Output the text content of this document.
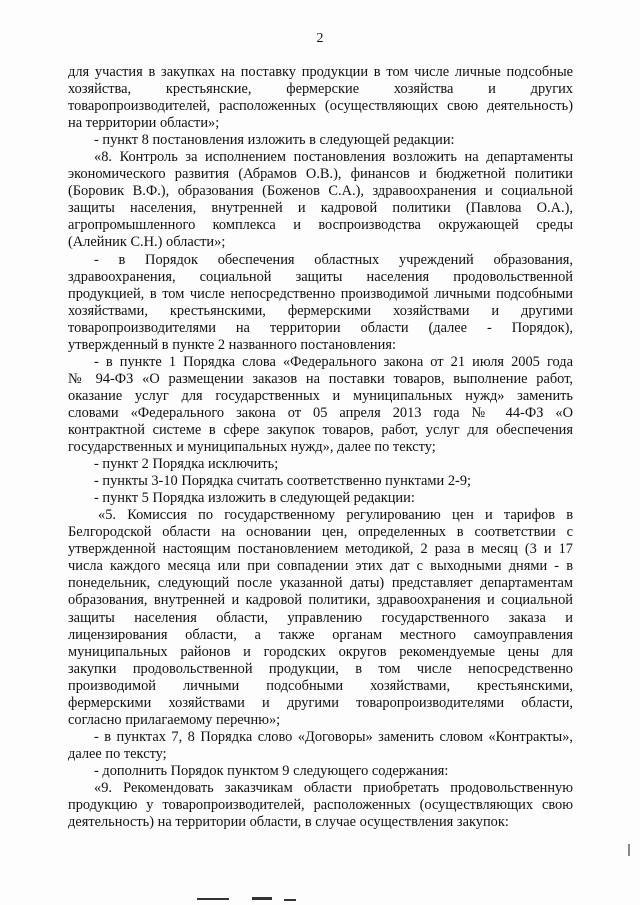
2
для участия в закупках на поставку продукции в том числе личные подсобные
хозяйства, крестьянские, фермерские хозяйства и других
товаропроизводителей, расположенных (осуществляющих свою деятельность)
на территории области»;
- пункт 8 постановления изложить в следующей редакции:
«8. Контроль за исполнением постановления возложить на департаменты
экономического развития (Абрамов О.В.), финансов и бюджетной политики
(Боровик В.Ф.), образования (Боженов С.А.), здравоохранения и социальной
защиты населения, внутренней и кадровой политики (Павлова О.А.),
агропромышленного комплекса и воспроизводства окружающей среды
(Алейник С.Н.) области»;
- в Порядок обеспечения областных учреждений образования,
здравоохранения, социальной защиты населения продовольственной
продукцией, в том числе непосредственно производимой личными подсобными
хозяйствами, крестьянскими, фермерскими хозяйствами и другими
товаропроизводителями на территории области (далее - Порядок),
утвержденный в пункте 2 названного постановления:
- в пункте 1 Порядка слова «Федерального закона от 21 июля 2005 года
№ 94-ФЗ «О размещении заказов на поставки товаров, выполнение работ,
оказание услуг для государственных и муниципальных нужд» заменить
словами «Федерального закона от 05 апреля 2013 года № 44-ФЗ «О
контрактной системе в сфере закупок товаров, работ, услуг для обеспечения
государственных и муниципальных нужд», далее по тексту;
- пункт 2 Порядка исключить;
- пункты 3-10 Порядка считать соответственно пунктами 2-9;
- пункт 5 Порядка изложить в следующей редакции:
«5. Комиссия по государственному регулированию цен и тарифов в
Белгородской области на основании цен, определенных в соответствии с
утвержденной настоящим постановлением методикой, 2 раза в месяц (3 и 17
числа каждого месяца или при совпадении этих дат с выходными днями - в
понедельник, следующий после указанной даты) представляет департаментам
образования, внутренней и кадровой политики, здравоохранения и социальной
защиты населения области, управлению государственного заказа и
лицензирования области, а также органам местного самоуправления
муниципальных районов и городских округов рекомендуемые цены для
закупки продовольственной продукции, в том числе непосредственно
производимой личными подсобными хозяйствами, крестьянскими,
фермерскими хозяйствами и другими товаропроизводителями области,
согласно прилагаемому перечню»;
- в пунктах 7, 8 Порядка слово «Договоры» заменить словом «Контракты»,
далее по тексту;
- дополнить Порядок пунктом 9 следующего содержания:
«9. Рекомендовать заказчикам области приобретать продовольственную
продукцию у товаропроизводителей, расположенных (осуществляющих свою
деятельность) на территории области, в случае осуществления закупок:
